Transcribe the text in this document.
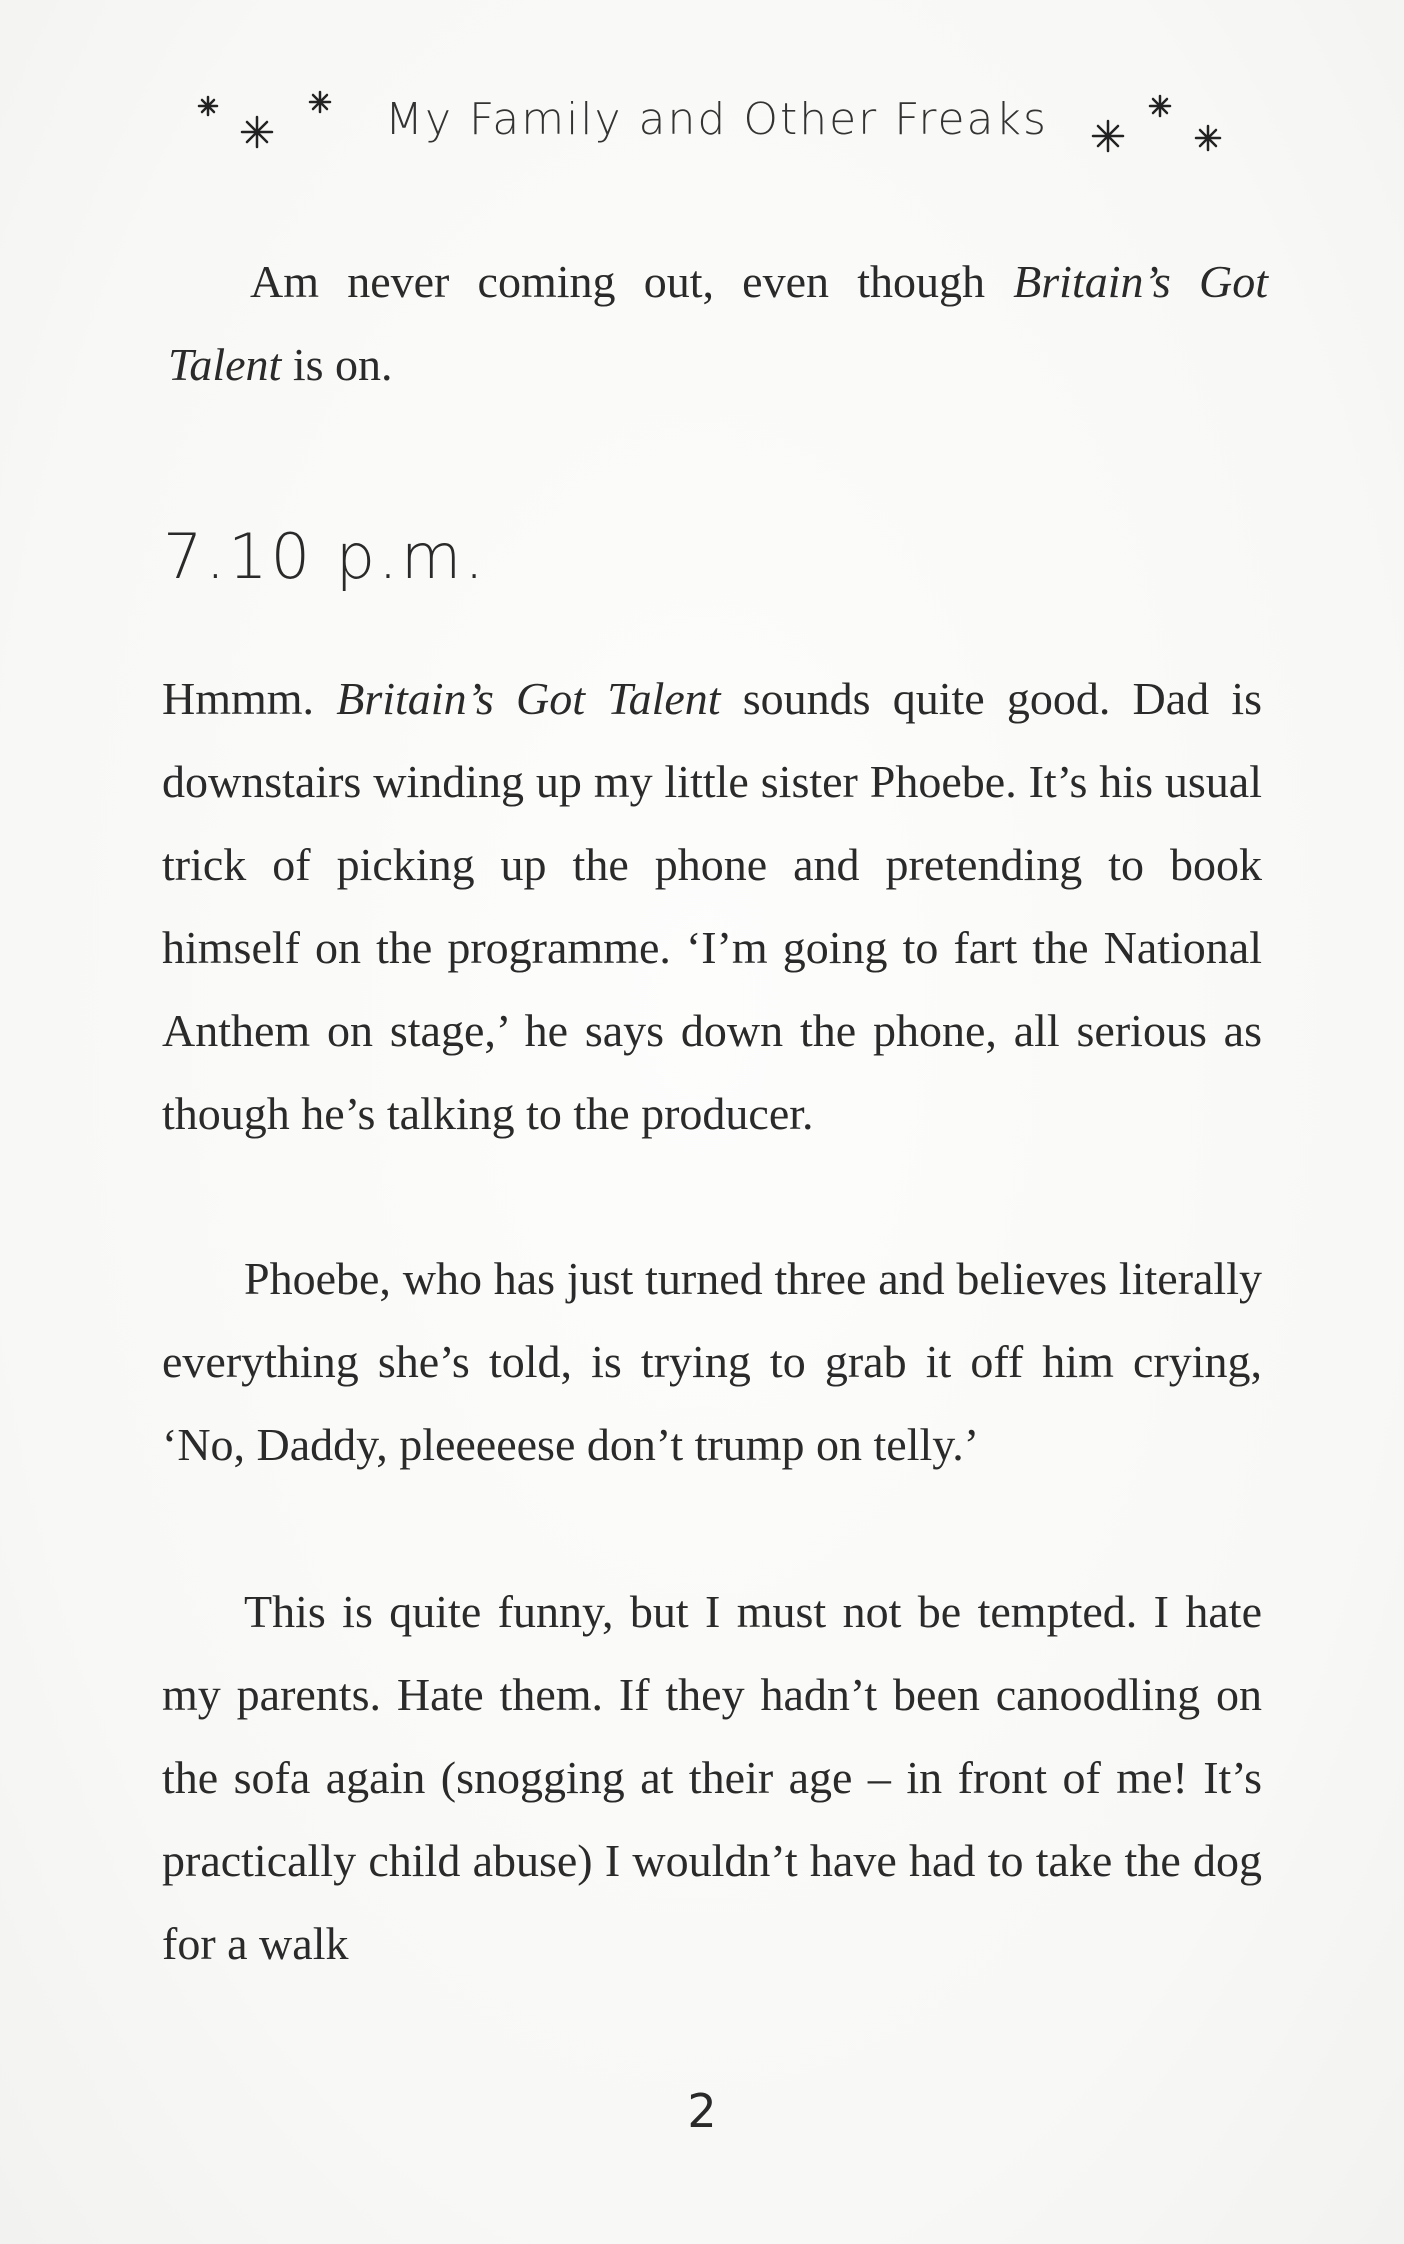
My Family and Other Freaks

Am never coming out, even though Britain’s Got Talent is on.

7.10 p.m.

Hmmm. Britain’s Got Talent sounds quite good. Dad is downstairs winding up my little sister Phoebe. It’s his usual trick of picking up the phone and pretending to book himself on the programme. ‘I’m going to fart the National Anthem on stage,’ he says down the phone, all serious as though he’s talking to the producer.

Phoebe, who has just turned three and believes literally everything she’s told, is trying to grab it off him crying, ‘No, Daddy, pleeeeese don’t trump on telly.’

This is quite funny, but I must not be tempted. I hate my parents. Hate them. If they hadn’t been canoodling on the sofa again (snogging at their age – in front of me! It’s practically child abuse) I wouldn’t have had to take the dog for a walk

2
